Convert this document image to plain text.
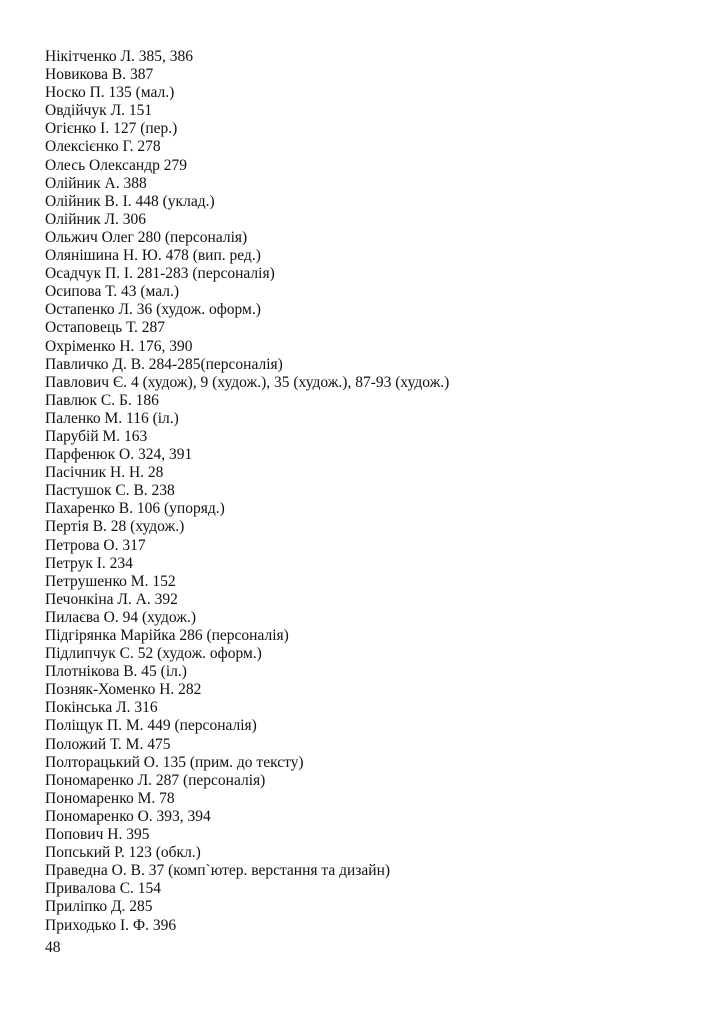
Нікітченко Л. 385, 386
Новикова В. 387
Носко П. 135 (мал.)
Овдійчук Л. 151
Огієнко І. 127 (пер.)
Олексієнко Г. 278
Олесь Олександр 279
Олійник А. 388
Олійник В. І. 448 (уклад.)
Олійник Л. 306
Ольжич Олег 280 (персоналія)
Олянішина Н. Ю. 478 (вип. ред.)
Осадчук П. І. 281-283 (персоналія)
Осипова Т. 43 (мал.)
Остапенко Л. 36 (худож. оформ.)
Остаповець Т. 287
Охріменко Н. 176, 390
Павличко Д. В. 284-285(персоналія)
Павлович Є. 4 (худож), 9 (худож.), 35 (худож.), 87-93 (худож.)
Павлюк С. Б. 186
Паленко М. 116 (іл.)
Парубій М. 163
Парфенюк О. 324, 391
Пасічник Н. Н. 28
Пастушок С. В. 238
Пахаренко В. 106 (упоряд.)
Пертія В. 28 (худож.)
Петрова О. 317
Петрук І. 234
Петрушенко М. 152
Печонкіна Л. А. 392
Пилаєва О. 94 (худож.)
Підгірянка Марійка 286 (персоналія)
Підлипчук С. 52 (худож. оформ.)
Плотнікова В. 45 (іл.)
Позняк-Хоменко Н. 282
Покінська Л. 316
Поліщук П. М. 449 (персоналія)
Положий Т. М. 475
Полторацький О. 135 (прим. до тексту)
Пономаренко Л. 287 (персоналія)
Пономаренко М. 78
Пономаренко О. 393, 394
Попович Н. 395
Попський Р. 123 (обкл.)
Праведна О. В. 37 (комп`ютер. верстання та дизайн)
Привалова С. 154
Приліпко Д. 285
Приходько І. Ф. 396
48
